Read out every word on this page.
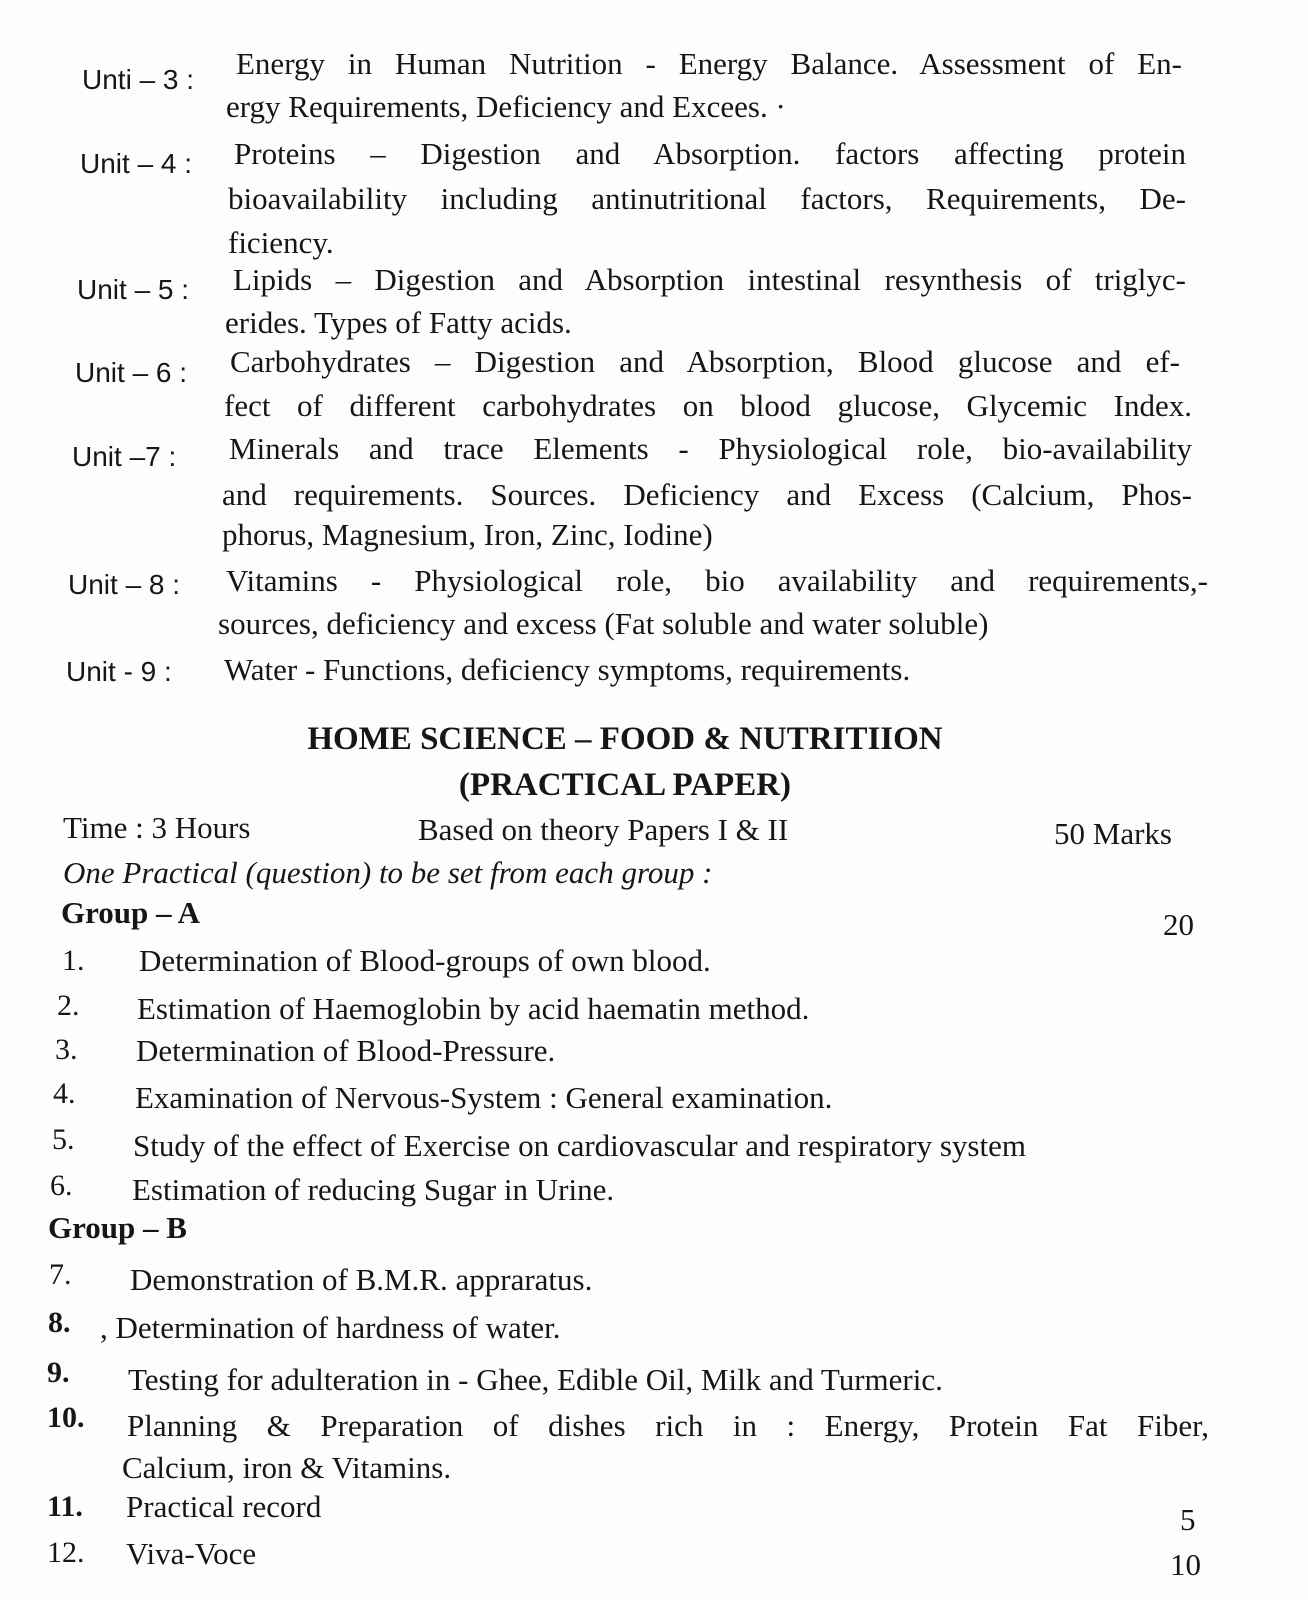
Unti – 3 : Energy in Human Nutrition - Energy Balance. Assessment of En-
ergy Requirements, Deficiency and Excees. ·
Unit – 4 : Proteins – Digestion and Absorption. factors affecting protein
bioavailability including antinutritional factors, Requirements, De-
ficiency.
Unit – 5 : Lipids – Digestion and Absorption intestinal resynthesis of triglyc-
erides. Types of Fatty acids.
Unit – 6 : Carbohydrates – Digestion and Absorption, Blood glucose and ef-
fect of different carbohydrates on blood glucose, Glycemic Index.
Unit –7 : Minerals and trace Elements - Physiological role, bio-availability
and requirements. Sources. Deficiency and Excess (Calcium, Phos-
phorus, Magnesium, Iron, Zinc, Iodine)
Unit – 8 : Vitamins - Physiological role, bio availability and requirements,-
sources, deficiency and excess (Fat soluble and water soluble)
Unit - 9 : Water - Functions, deficiency symptoms, requirements.
HOME SCIENCE – FOOD & NUTRITIION
(PRACTICAL PAPER)
Time : 3 Hours	Based on theory Papers I & II	50 Marks
One Practical (question) to be set from each group :
Group – A	20
1. Determination of Blood-groups of own blood.
2. Estimation of Haemoglobin by acid haematin method.
3. Determination of Blood-Pressure.
4. Examination of Nervous-System : General examination.
5. Study of the effect of Exercise on cardiovascular and respiratory system
6. Estimation of reducing Sugar in Urine.
Group – B
7. Demonstration of B.M.R. appraratus.
8. , Determination of hardness of water.
9. Testing for adulteration in - Ghee, Edible Oil, Milk and Turmeric.
10. Planning & Preparation of dishes rich in : Energy, Protein Fat Fiber,
Calcium, iron & Vitamins.
11. Practical record	5
12. Viva-Voce	10
